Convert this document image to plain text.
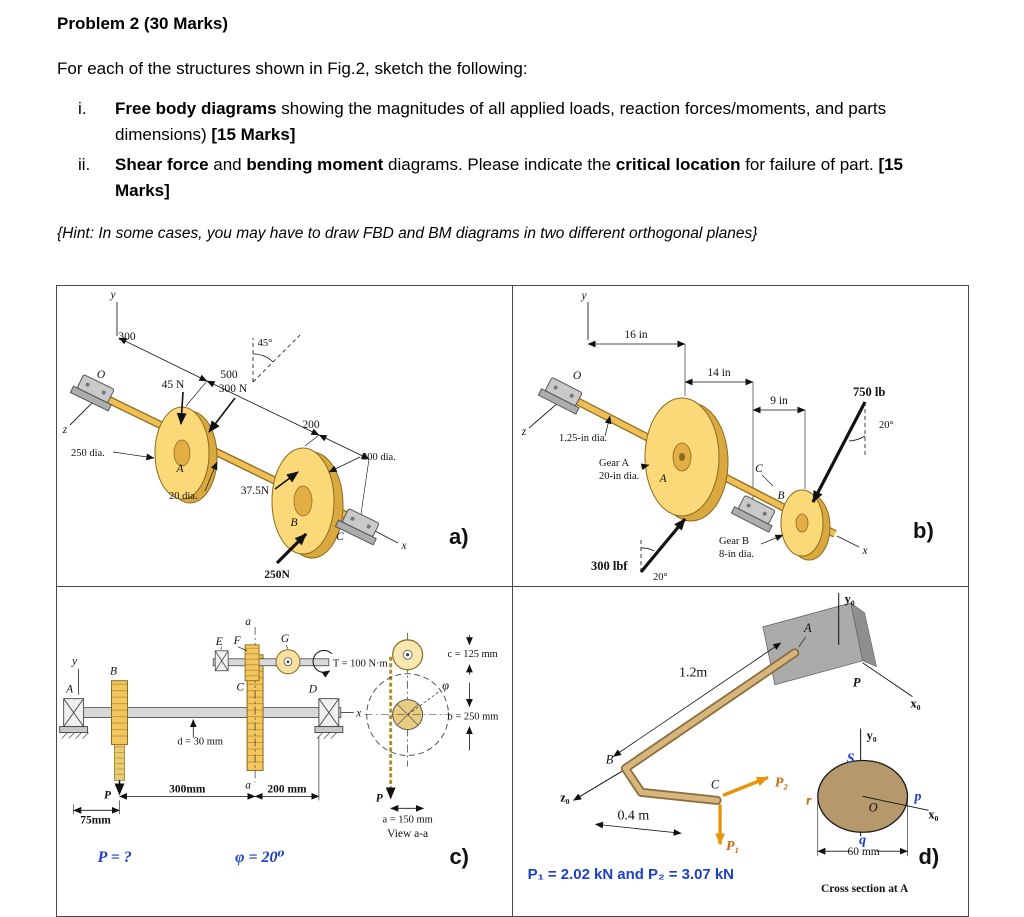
Problem 2 (30 Marks)

For each of the structures shown in Fig.2, sketch the following:

i.	Free body diagrams showing the magnitudes of all applied loads, reaction forces/moments, and parts dimensions) [15 Marks]
ii.	Shear force and bending moment diagrams. Please indicate the critical location for failure of part. [15 Marks]

{Hint: In some cases, you may have to draw FBD and BM diagrams in two different orthogonal planes}

y
z
x
300
500
200
45°
45 N	300 N
37.5N
250N
O
A
B
C
250 dia.
20 dia.
300 dia.
a)
y
z
x
16 in
14 in
9 in
750 lb
20°
O
1.25-in dia.
Gear A
20-in dia. A
C
B
Gear B
8-in dia.
300 lbf
20°
b)
y
x
A
B
C	D
E F	G
a
a
T = 100 N·m
d = 30 mm
75mm
300mm	200 mm
P	P
c = 125 mm
φ
b = 250 mm
a = 150 mm
View a-a
P = ?	φ = 20⁰	c)
y₀
x₀
z₀
A
P
1.2m
B
0.4 m
C	P₂
P₁
y₀
x₀
S
p
r	O
q
60 mm
P₁ = 2.02 kN and P₂ = 3.07 kN
Cross section at A
d)
